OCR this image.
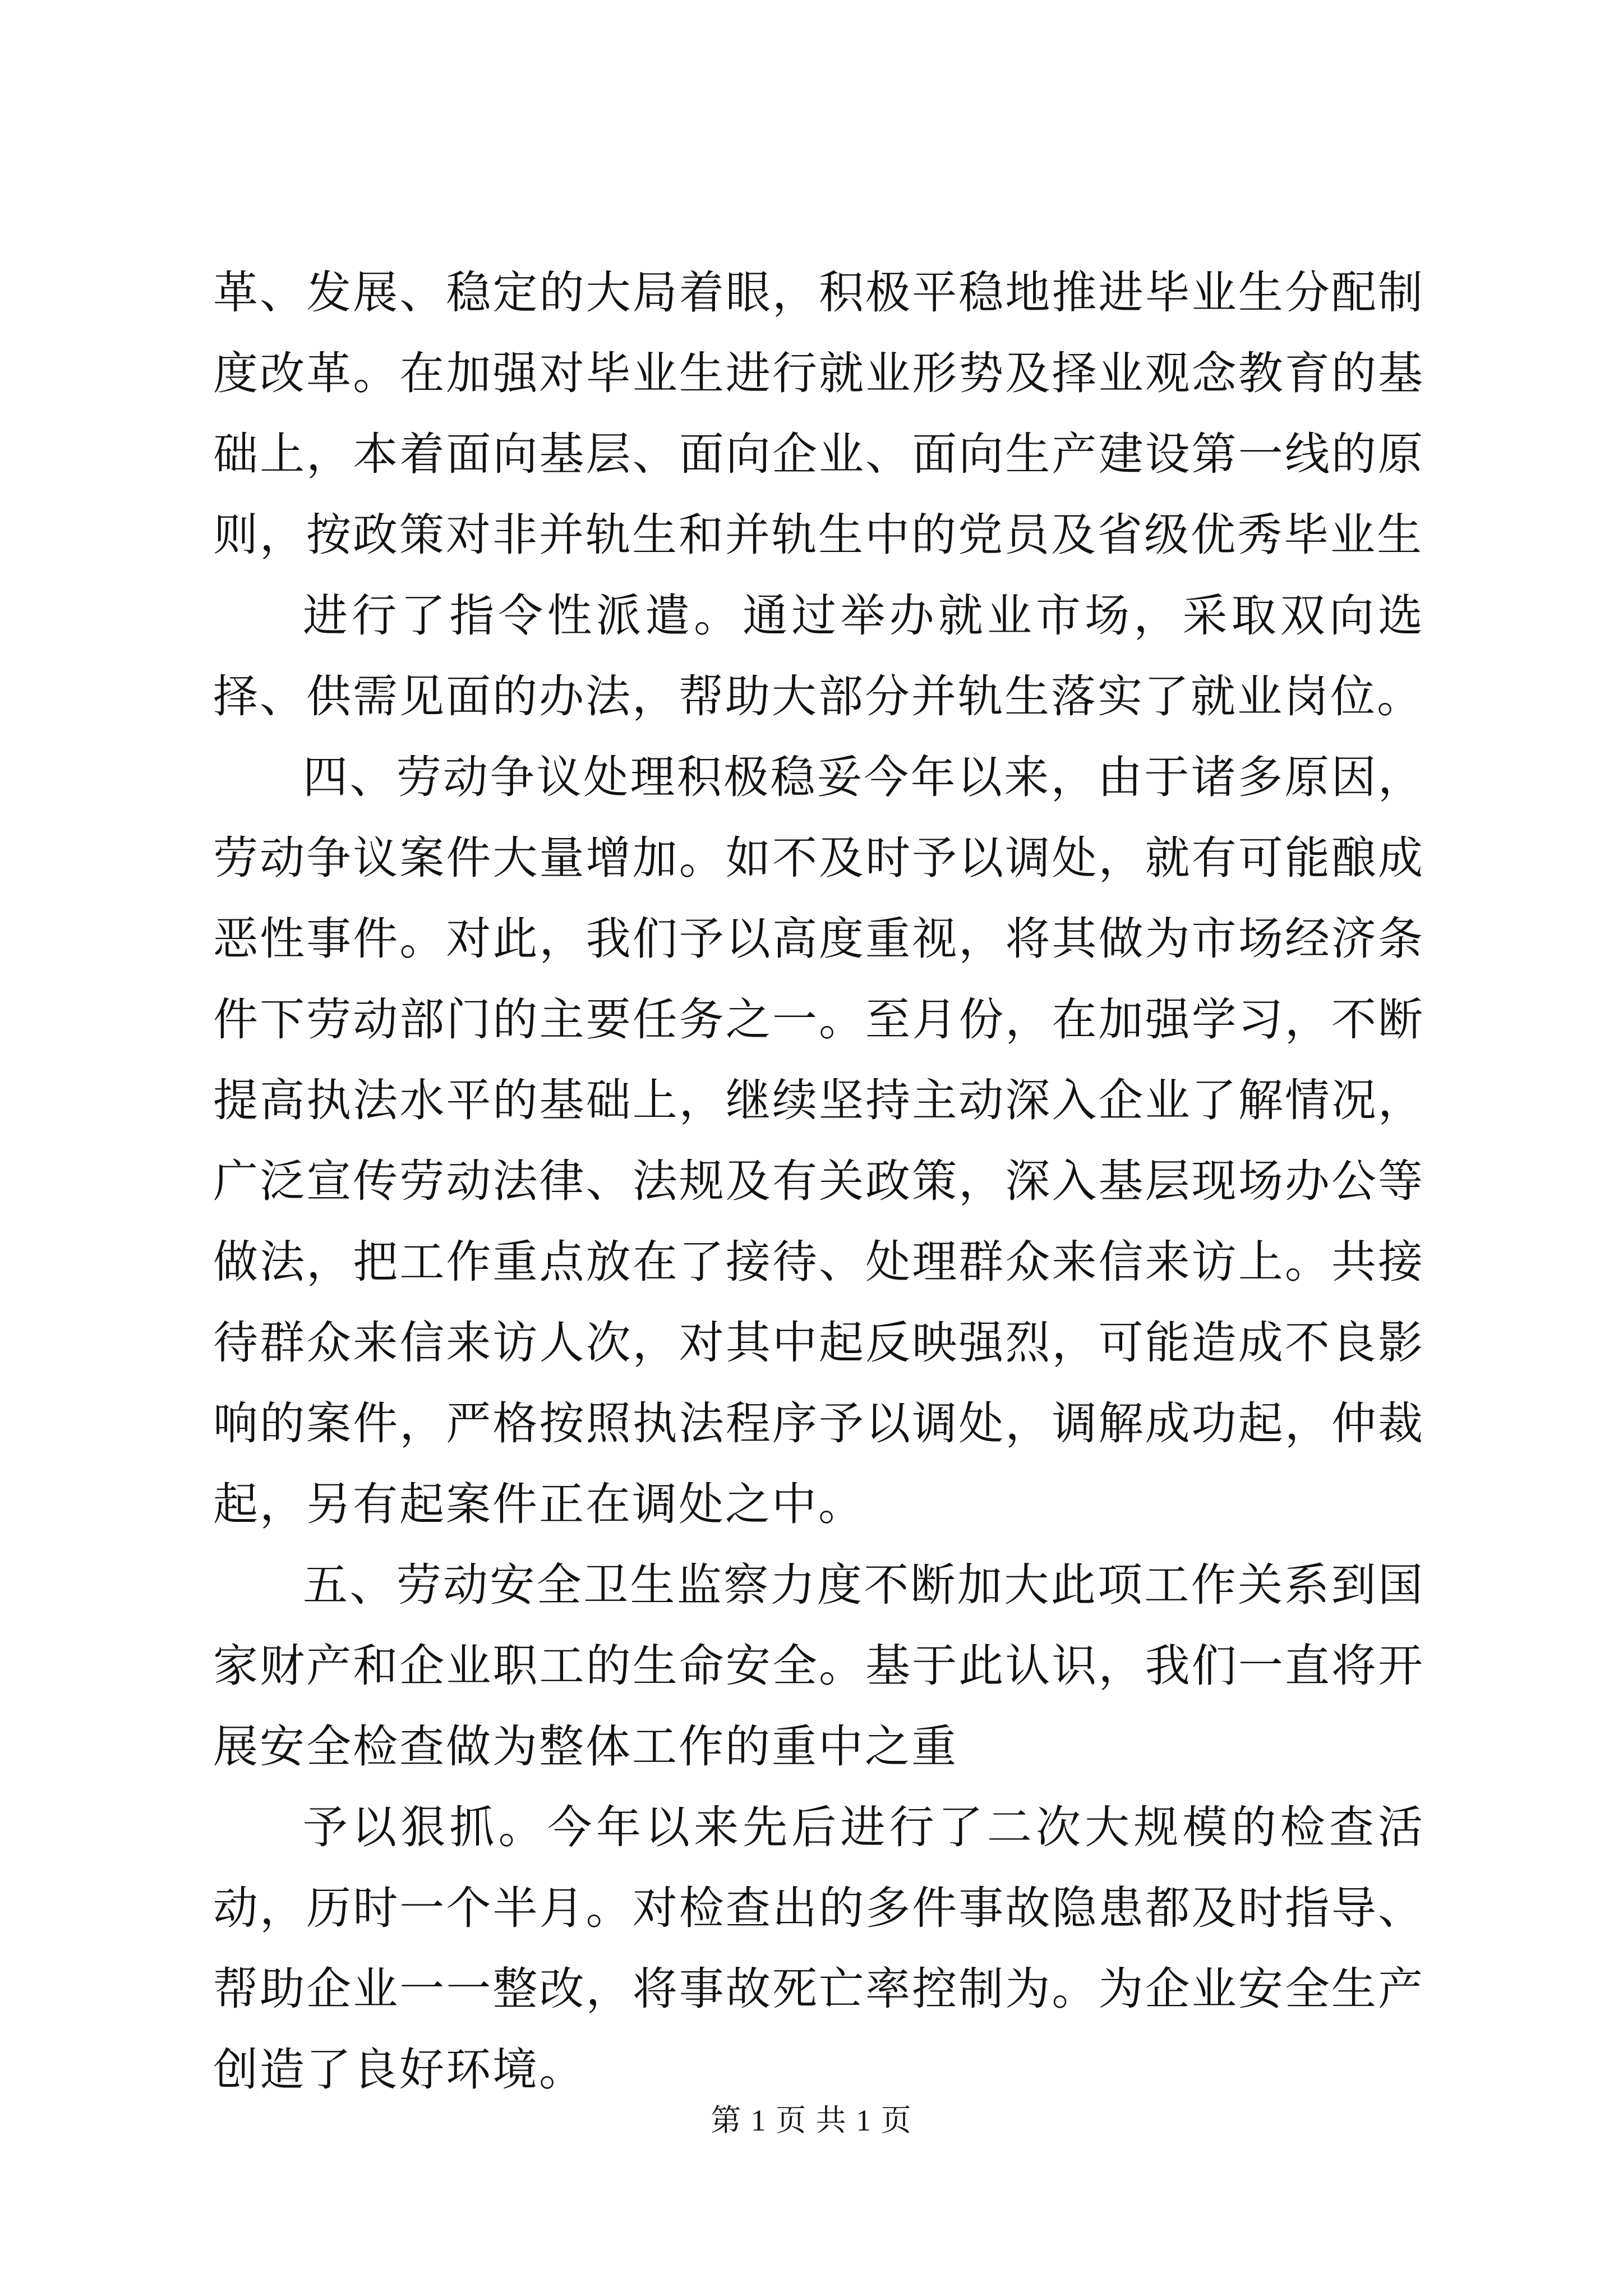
革、发展、稳定的大局着眼，积极平稳地推进毕业生分配制度改革。在加强对毕业生进行就业形势及择业观念教育的基础上，本着面向基层、面向企业、面向生产建设第一线的原则，按政策对非并轨生和并轨生中的党员及省级优秀毕业生

进行了指令性派遣。通过举办就业市场，采取双向选择、供需见面的办法，帮助大部分并轨生落实了就业岗位。

四、劳动争议处理积极稳妥今年以来，由于诸多原因，劳动争议案件大量增加。如不及时予以调处，就有可能酿成恶性事件。对此，我们予以高度重视，将其做为市场经济条件下劳动部门的主要任务之一。至月份，在加强学习，不断提高执法水平的基础上，继续坚持主动深入企业了解情况，广泛宣传劳动法律、法规及有关政策，深入基层现场办公等做法，把工作重点放在了接待、处理群众来信来访上。共接待群众来信来访人次，对其中起反映强烈，可能造成不良影响的案件，严格按照执法程序予以调处，调解成功起，仲裁起，另有起案件正在调处之中。

五、劳动安全卫生监察力度不断加大此项工作关系到国家财产和企业职工的生命安全。基于此认识，我们一直将开展安全检查做为整体工作的重中之重

予以狠抓。今年以来先后进行了二次大规模的检查活动，历时一个半月。对检查出的多件事故隐患都及时指导、帮助企业一一整改，将事故死亡率控制为。为企业安全生产创造了良好环境。

第 1 页 共 1 页
